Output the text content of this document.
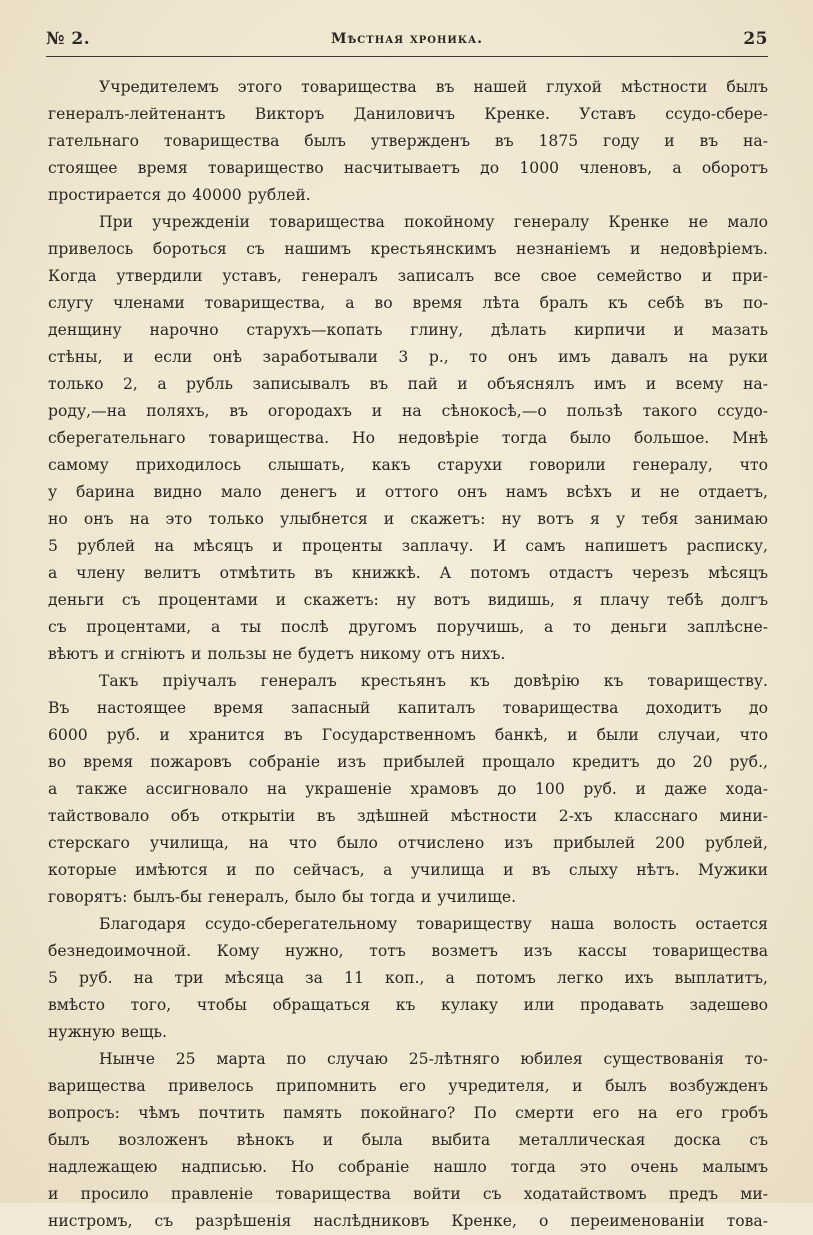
№ 2.	Мѣстная хроника.	25
Учредителемъ этого товарищества въ нашей глухой мѣстности былъ
генералъ-лейтенантъ Викторъ Даниловичъ Кренке. Уставъ ссудо-сбере-
гательнаго товарищества былъ утвержденъ въ 1875 году и въ на-
стоящее время товарищество насчитываетъ до 1000 членовъ, а оборотъ
простирается до 40000 рублей.
При учрежденіи товарищества покойному генералу Кренке не мало
привелось бороться съ нашимъ крестьянскимъ незнаніемъ и недовѣріемъ.
Когда утвердили уставъ, генералъ записалъ все свое семейство и при-
слугу членами товарищества, а во время лѣта бралъ къ себѣ въ по-
денщину нарочно старухъ—копать глину, дѣлать кирпичи и мазать
стѣны, и если онѣ заработывали 3 р., то онъ имъ давалъ на руки
только 2, а рубль записывалъ въ пай и объяснялъ имъ и всему на-
роду,—на поляхъ, въ огородахъ и на сѣнокосѣ,—о пользѣ такого ссудо-
сберегательнаго товарищества. Но недовѣріе тогда было большое. Мнѣ
самому приходилось слышать, какъ старухи говорили генералу, что
у барина видно мало денегъ и оттого онъ намъ всѣхъ и не отдаетъ,
но онъ на это только улыбнется и скажетъ: ну вотъ я у тебя занимаю
5 рублей на мѣсяцъ и проценты заплачу. И самъ напишетъ расписку,
а члену велитъ отмѣтить въ книжкѣ. А потомъ отдастъ черезъ мѣсяцъ
деньги съ процентами и скажетъ: ну вотъ видишь, я плачу тебѣ долгъ
съ процентами, а ты послѣ другомъ поручишь, а то деньги заплѣсне-
вѣютъ и сгніютъ и пользы не будетъ никому отъ нихъ.
Такъ пріучалъ генералъ крестьянъ къ довѣрію къ товариществу.
Въ настоящее время запасный капиталъ товарищества доходитъ до
6000 руб. и хранится въ Государственномъ банкѣ, и были случаи, что
во время пожаровъ собраніе изъ прибылей прощало кредитъ до 20 руб.,
а также ассигновало на украшеніе храмовъ до 100 руб. и даже хода-
тайствовало объ открытіи въ здѣшней мѣстности 2-хъ класснаго мини-
стерскаго училища, на что было отчислено изъ прибылей 200 рублей,
которые имѣются и по сейчасъ, а училища и въ слыху нѣтъ. Мужики
говорятъ: былъ-бы генералъ, было бы тогда и училище.
Благодаря ссудо-сберегательному товариществу наша волость остается
безнедоимочной. Кому нужно, тотъ возметъ изъ кассы товарищества
5 руб. на три мѣсяца за 11 коп., а потомъ легко ихъ выплатитъ,
вмѣсто того, чтобы обращаться къ кулаку или продавать задешево
нужную вещь.
Нынче 25 марта по случаю 25-лѣтняго юбилея существованія то-
варищества привелось припомнить его учредителя, и былъ возбужденъ
вопросъ: чѣмъ почтить память покойнаго? По смерти его на его гробъ
былъ возложенъ вѣнокъ и была выбита металлическая доска съ
надлежащею надписью. Но собраніе нашло тогда это очень малымъ
и просило правленіе товарищества войти съ ходатайствомъ предъ ми-
нистромъ, съ разрѣшенія наслѣдниковъ Кренке, о переименованіи това-
